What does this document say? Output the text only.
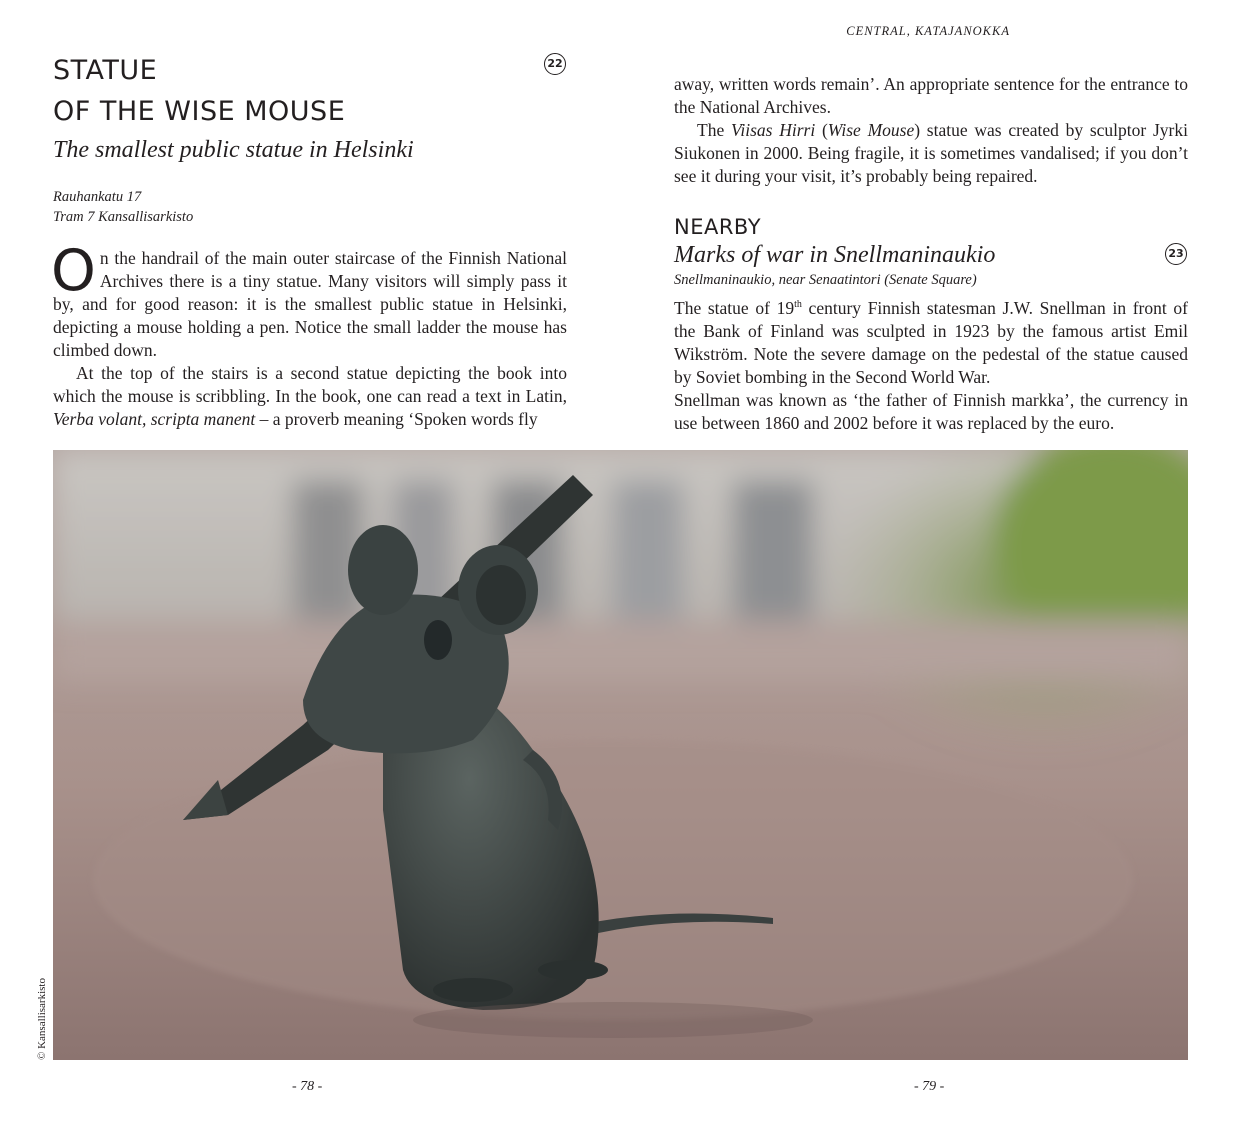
CENTRAL, KATAJANOKKA
STATUE
OF THE WISE MOUSE
22
The smallest public statue in Helsinki
Rauhankatu 17
Tram 7 Kansallisarkisto

On the handrail of the main outer staircase of the Finnish National Archives there is a tiny statue. Many visitors will simply pass it by, and for good reason: it is the smallest public statue in Helsinki, depicting a mouse holding a pen. Notice the small ladder the mouse has climbed down.

At the top of the stairs is a second statue depicting the book into which the mouse is scribbling. In the book, one can read a text in Latin, Verba volant, scripta manent – a proverb meaning ‘Spoken words fly

away, written words remain’. An appropriate sentence for the entrance to the National Archives.

The Viisas Hirri (Wise Mouse) statue was created by sculptor Jyrki Siukonen in 2000. Being fragile, it is sometimes vandalised; if you don’t see it during your visit, it’s probably being repaired.

NEARBY
Marks of war in Snellmaninaukio	23
Snellmaninaukio, near Senaatintori (Senate Square)

The statue of 19th century Finnish statesman J.W. Snellman in front of the Bank of Finland was sculpted in 1923 by the famous artist Emil Wikström. Note the severe damage on the pedestal of the statue caused by Soviet bombing in the Second World War.

Snellman was known as ‘the father of Finnish markka’, the currency in use between 1860 and 2002 before it was replaced by the euro.

© Kansallisarkisto
- 78 -	- 79 -
